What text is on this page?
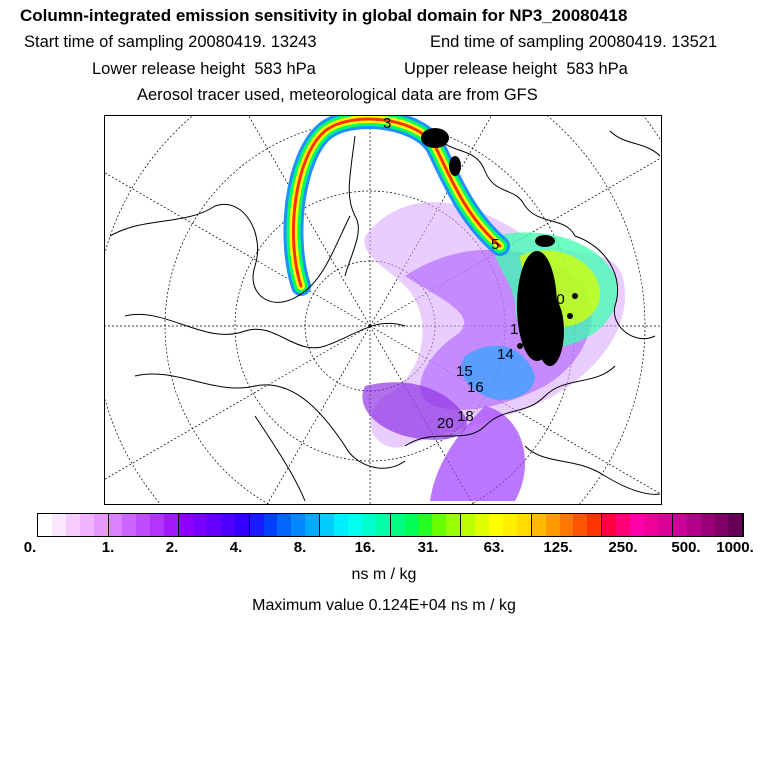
Column-integrated emission sensitivity in global domain for NP3_20080418
Start time of sampling 20080419. 13243	End time of sampling 20080419. 13521
Lower release height  583 hPa	Upper release height  583 hPa
Aerosol tracer used, meteorological data are from GFS
3
5
10
13
14
15
16
18
20
0.	1.	2.	4.	8.	16.	31.	63.	125. 250. 500. 1000.
ns m / kg
Maximum value 0.124E+04 ns m / kg
